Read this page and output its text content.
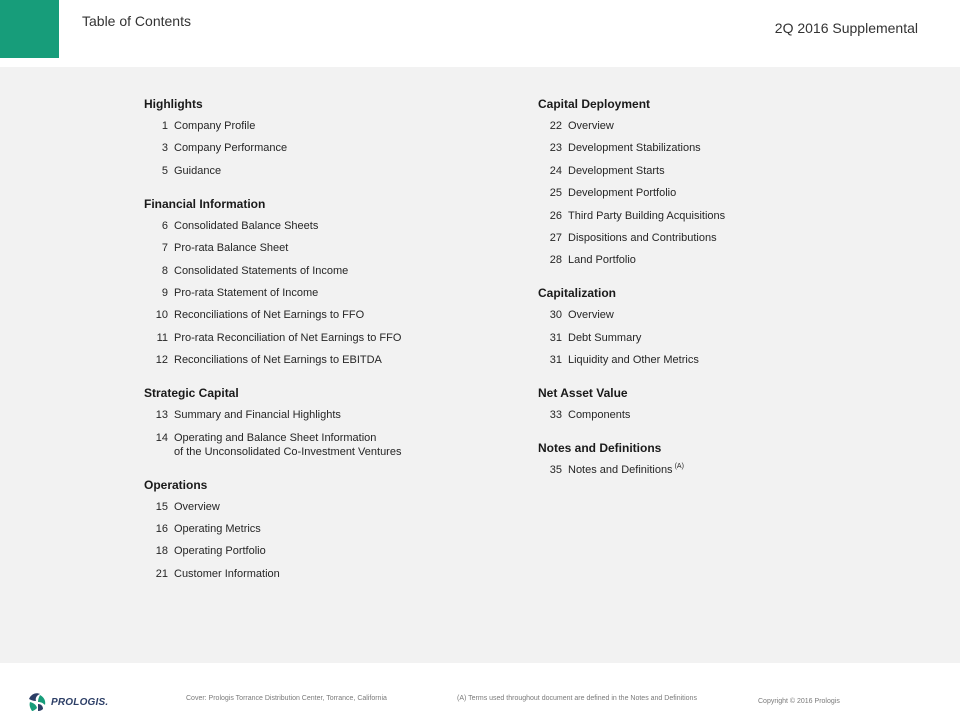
Table of Contents	2Q 2016 Supplemental
Highlights
1 Company Profile
3 Company Performance
5 Guidance
Financial Information
6 Consolidated Balance Sheets
7 Pro-rata Balance Sheet
8 Consolidated Statements of Income
9 Pro-rata Statement of Income
10 Reconciliations of Net Earnings to FFO
11 Pro-rata Reconciliation of Net Earnings to FFO
12 Reconciliations of Net Earnings to EBITDA
Strategic Capital
13 Summary and Financial Highlights
14 Operating and Balance Sheet Information
of the Unconsolidated Co-Investment Ventures
Operations
15 Overview
16 Operating Metrics
18 Operating Portfolio
21 Customer Information
Capital Deployment
22 Overview
23 Development Stabilizations
24 Development Starts
25 Development Portfolio
26 Third Party Building Acquisitions
27 Dispositions and Contributions
28 Land Portfolio
Capitalization
30 Overview
31 Debt Summary
31 Liquidity and Other Metrics
Net Asset Value
33 Components
Notes and Definitions
35 Notes and Definitions $^{(A)}$
PROLOGIS.	Cover: Prologis Torrance Distribution Center, Torrance, California	(A) Terms used throughout document are defined in the Notes and Definitions	Copyright © 2016 Prologis
